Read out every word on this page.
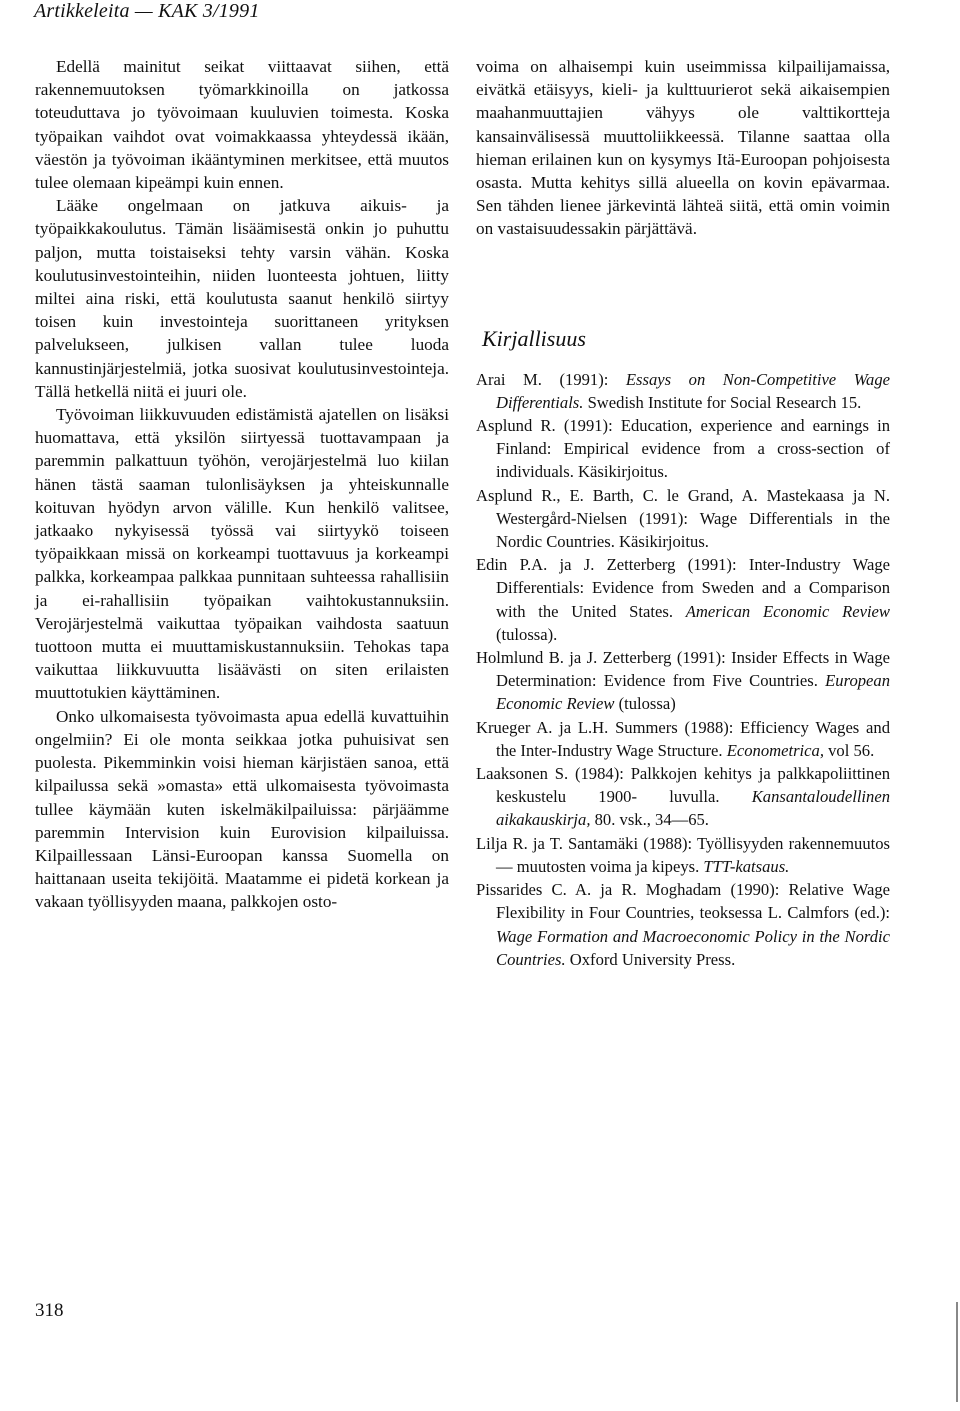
Artikkeleita — KAK 3/1991

Edellä mainitut seikat viittaavat siihen, että rakennemuutoksen työmarkkinoilla on jatkossa toteuduttava jo työvoimaan kuuluvien toimesta. Koska työpaikan vaihdot ovat voimakkaassa yhteydessä ikään, väestön ja työvoiman ikääntyminen merkitsee, että muutos tulee olemaan kipeämpi kuin ennen.

Lääke ongelmaan on jatkuva aikuis- ja työpaikkakoulutus. Tämän lisäämisestä onkin jo puhuttu paljon, mutta toistaiseksi tehty varsin vähän. Koska koulutusinvestointeihin, niiden luonteesta johtuen, liitty miltei aina riski, että koulutusta saanut henkilö siirtyy toisen kuin investointeja suorittaneen yrityksen palvelukseen, julkisen vallan tulee luoda kannustinjärjestelmiä, jotka suosivat koulutusinvestointeja. Tällä hetkellä niitä ei juuri ole.

Työvoiman liikkuvuuden edistämistä ajatellen on lisäksi huomattava, että yksilön siirtyessä tuottavampaan ja paremmin palkattuun työhön, verojärjestelmä luo kiilan hänen tästä saaman tulonlisäyksen ja yhteiskunnalle koituvan hyödyn arvon välille. Kun henkilö valitsee, jatkaako nykyisessä työssä vai siirtyykö toiseen työpaikkaan missä on korkeampi tuottavuus ja korkeampi palkka, korkeampaa palkkaa punnitaan suhteessa rahallisiin ja ei-rahallisiin työpaikan vaihtokustannuksiin. Verojärjestelmä vaikuttaa työpaikan vaihdosta saatuun tuottoon mutta ei muuttamiskustannuksiin. Tehokas tapa vaikuttaa liikkuvuutta lisäävästi on siten erilaisten muuttotukien käyttäminen.

Onko ulkomaisesta työvoimasta apua edellä kuvattuihin ongelmiin? Ei ole monta seikkaa jotka puhuisivat sen puolesta. Pikemminkin voisi hieman kärjistäen sanoa, että kilpailussa sekä »omasta» että ulkomaisesta työvoimasta tullee käymään kuten iskelmäkilpailuissa: pärjäämme paremmin Intervision kuin Eurovision kilpailuissa. Kilpaillessaan Länsi-Euroopan kanssa Suomella on haittanaan useita tekijöitä. Maatamme ei pidetä korkean ja vakaan työllisyyden maana, palkkojen osto-

voima on alhaisempi kuin useimmissa kilpailijamaissa, eivätkä etäisyys, kieli- ja kulttuurierot sekä aikaisempien maahanmuuttajien vähyys ole valttikortteja kansainvälisessä muuttoliikkeessä. Tilanne saattaa olla hieman erilainen kun on kysymys Itä-Euroopan pohjoisesta osasta. Mutta kehitys sillä alueella on kovin epävarmaa. Sen tähden lienee järkevintä lähteä siitä, että omin voimin on vastaisuudessakin pärjättävä.

Kirjallisuus

Arai M. (1991): Essays on Non-Competitive Wage Differentials. Swedish Institute for Social Research 15.

Asplund R. (1991): Education, experience and earnings in Finland: Empirical evidence from a cross-section of individuals. Käsikirjoitus.

Asplund R., E. Barth, C. le Grand, A. Mastekaasa ja N. Westergård-Nielsen (1991): Wage Differentials in the Nordic Countries. Käsikirjoitus.

Edin P.A. ja J. Zetterberg (1991): Inter-Industry Wage Differentials: Evidence from Sweden and a Comparison with the United States. American Economic Review (tulossa).

Holmlund B. ja J. Zetterberg (1991): Insider Effects in Wage Determination: Evidence from Five Countries. European Economic Review (tulossa)

Krueger A. ja L.H. Summers (1988): Efficiency Wages and the Inter-Industry Wage Structure. Econometrica, vol 56.

Laaksonen S. (1984): Palkkojen kehitys ja palkkapoliittinen keskustelu 1900- luvulla. Kansantaloudellinen aikakauskirja, 80. vsk., 34—65.

Lilja R. ja T. Santamäki (1988): Työllisyyden rakennemuutos — muutosten voima ja kipeys. TTT-katsaus.

Pissarides C. A. ja R. Moghadam (1990): Relative Wage Flexibility in Four Countries, teoksessa L. Calmfors (ed.): Wage Formation and Macroeconomic Policy in the Nordic Countries. Oxford University Press.

318
